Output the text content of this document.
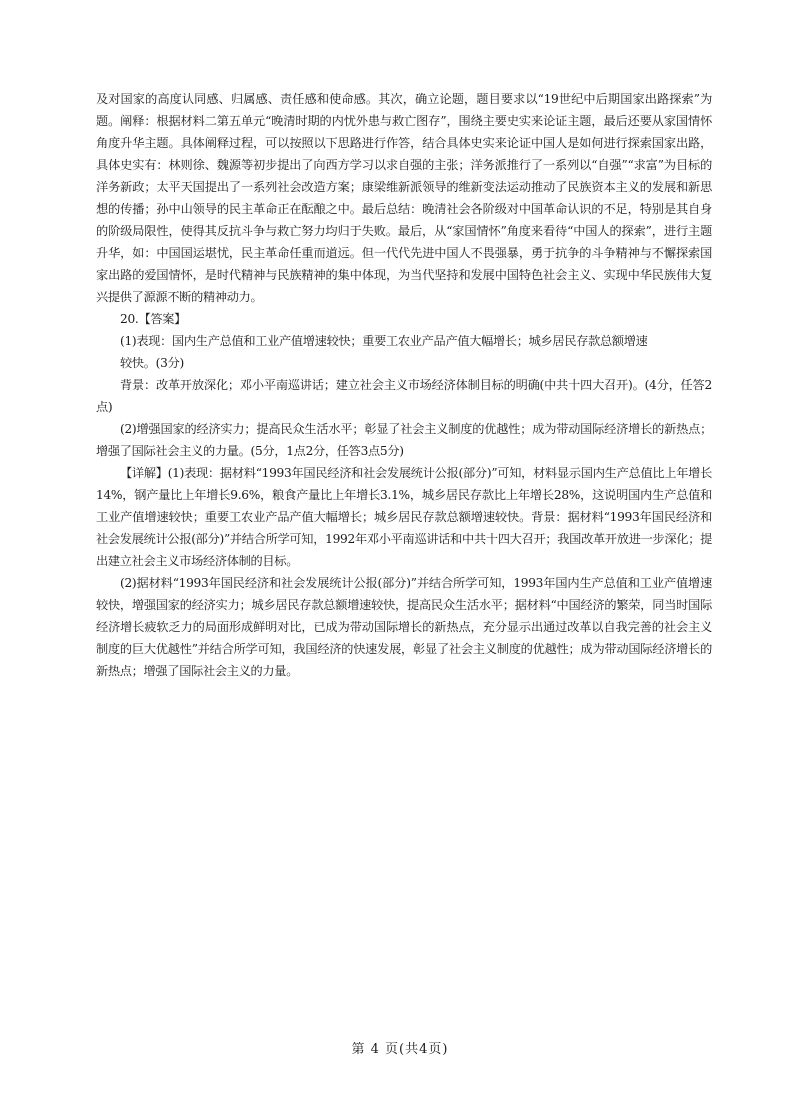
及对国家的高度认同感、归属感、责任感和使命感。其次，确立论题，题目要求以“19世纪中后期国家出路探索”为题。阐释：根据材料二第五单元“晚清时期的内忧外患与救亡图存”，围绕主要史实来论证主题，最后还要从家国情怀角度升华主题。具体阐释过程，可以按照以下思路进行作答，结合具体史实来论证中国人是如何进行探索国家出路，具体史实有：林则徐、魏源等初步提出了向西方学习以求自强的主张；洋务派推行了一系列以“自强”“求富”为目标的洋务新政；太平天国提出了一系列社会改造方案；康梁维新派领导的维新变法运动推动了民族资本主义的发展和新思想的传播；孙中山领导的民主革命正在酝酿之中。最后总结：晚清社会各阶级对中国革命认识的不足，特别是其自身的阶级局限性，使得其反抗斗争与救亡努力均归于失败。最后，从“家国情怀”角度来看待“中国人的探索”，进行主题升华，如：中国国运堪忧，民主革命任重而道远。但一代代先进中国人不畏强暴，勇于抗争的斗争精神与不懈探索国家出路的爱国情怀，是时代精神与民族精神的集中体现，为当代坚持和发展中国特色社会主义、实现中华民族伟大复兴提供了源源不断的精神动力。

20.【答案】

(1)表现：国内生产总值和工业产值增速较快；重要工农业产品产值大幅增长；城乡居民存款总额增速

较快。(3分)

背景：改革开放深化；邓小平南巡讲话；建立社会主义市场经济体制目标的明确(中共十四大召开)。(4分，任答2点)

(2)增强国家的经济实力；提高民众生活水平；彰显了社会主义制度的优越性；成为带动国际经济增长的新热点；增强了国际社会主义的力量。(5分，1点2分，任答3点5分)

【详解】(1)表现：据材料“1993年国民经济和社会发展统计公报(部分)”可知，材料显示国内生产总值比上年增长14%，钢产量比上年增长9.6%，粮食产量比上年增长3.1%，城乡居民存款比上年增长28%，这说明国内生产总值和工业产值增速较快；重要工农业产品产值大幅增长；城乡居民存款总额增速较快。背景：据材料“1993年国民经济和社会发展统计公报(部分)”并结合所学可知，1992年邓小平南巡讲话和中共十四大召开；我国改革开放进一步深化；提出建立社会主义市场经济体制的目标。

(2)据材料“1993年国民经济和社会发展统计公报(部分)”并结合所学可知，1993年国内生产总值和工业产值增速较快，增强国家的经济实力；城乡居民存款总额增速较快，提高民众生活水平；据材料“中国经济的繁荣，同当时国际经济增长疲软乏力的局面形成鲜明对比，已成为带动国际增长的新热点，充分显示出通过改革以自我完善的社会主义制度的巨大优越性”并结合所学可知，我国经济的快速发展，彰显了社会主义制度的优越性；成为带动国际经济增长的新热点；增强了国际社会主义的力量。

第 4 页(共4页)
